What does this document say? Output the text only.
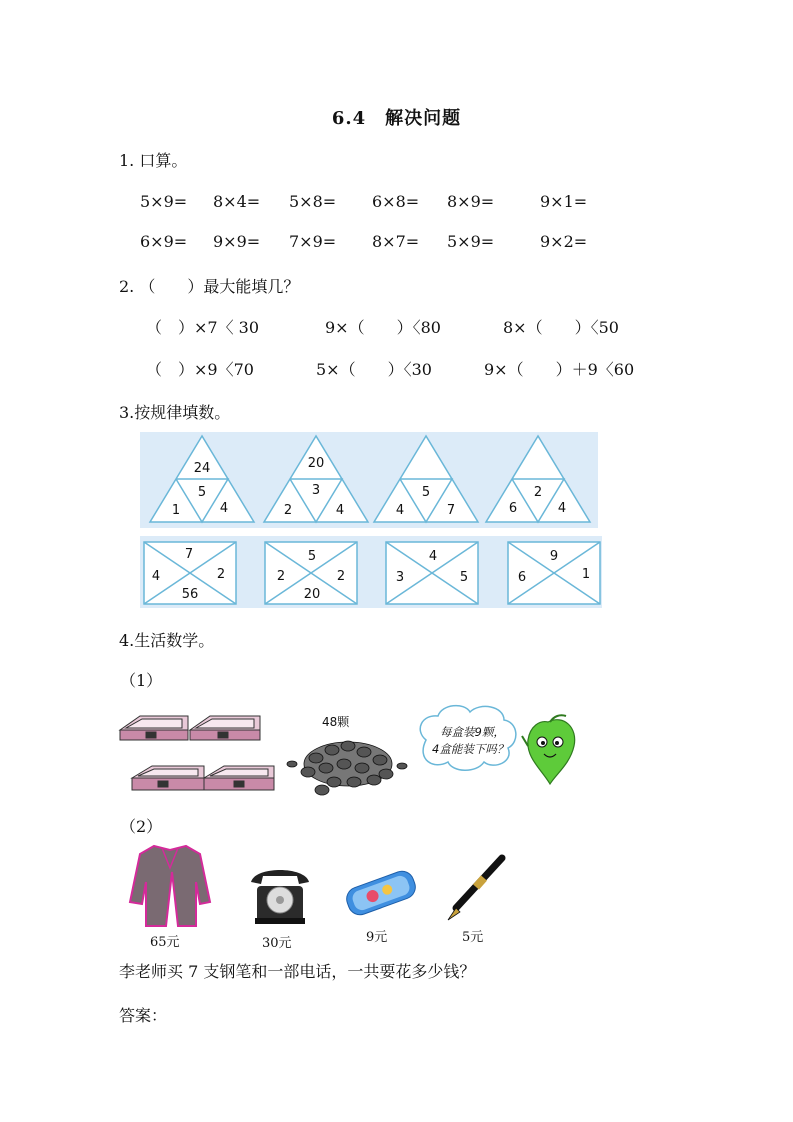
6.4　解决问题
1. 口算。
5×9= 8×4= 5×8= 6×8= 8×9=	9×1=
6×9= 9×9= 7×9= 8×7= 5×9=	9×2=
2. （　　）最大能填几？
（　）×7〈 30	9×（　　）〈80	8×（　　）〈50
（　）×9〈70	5×（　　）〈30	9×（　　）＋9〈60
3.按规律填数。
24
5
1	4
20
3
2	4
5
4	7
2
6	4
7
4	2
56
5
2	2
20
4
3	5
9
6	1
4.生活数学。
（1）
48颗
每盒装9颗，
4盒能装下吗？
（2）
65元	30元	9元	5元
李老师买 7 支钢笔和一部电话，一共要花多少钱？
答案：
